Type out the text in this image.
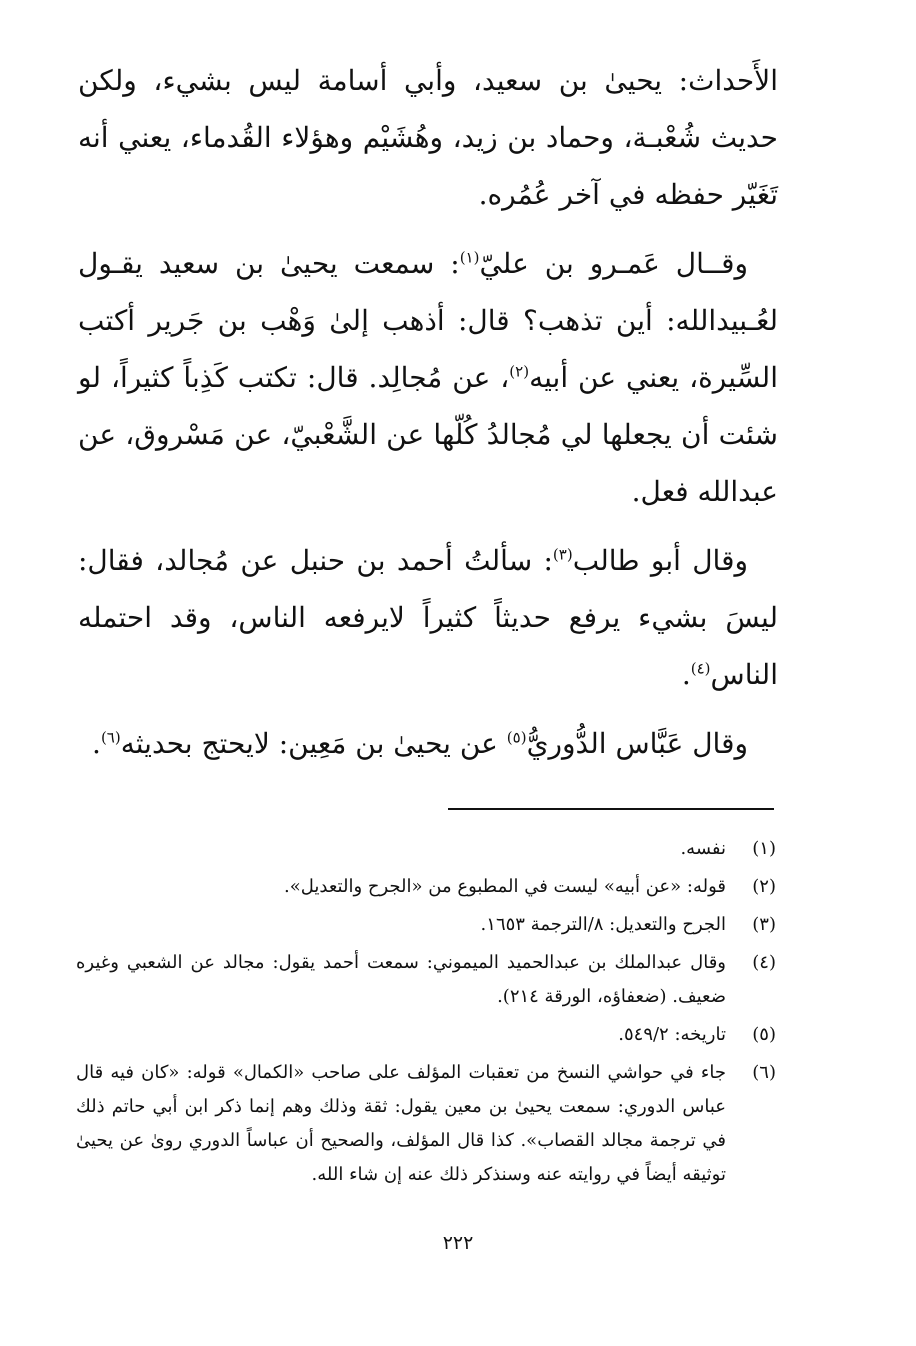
الأَحداث: يحيىٰ بن سعيد، وأبي أسامة ليس بشيء، ولكن حديث شُعْبـة، وحماد بن زيد، وهُشَيْم وهؤلاء القُدماء، يعني أنه تَغَيّر حفظه في آخر عُمُره.

وقــال عَمـرو بن عليّ$^{(١)}$: سمعت يحيىٰ بن سعيد يقـول لعُـبيدالله: أين تذهب؟ قال: أذهب إلىٰ وَهْب بن جَرير أكتب السِّيرة، يعني عن أبيه$^{(٢)}$، عن مُجالِد. قال: تكتب كَذِباً كثيراً، لو شئت أن يجعلها لي مُجالدُ كُلّها عن الشَّعْبيّ، عن مَسْروق، عن عبدالله فعل.

وقال أبو طالب$^{(٣)}$: سألتُ أحمد بن حنبل عن مُجالد، فقال: ليسَ بشيء يرفع حديثاً كثيراً لايرفعه الناس، وقد احتمله الناس$^{(٤)}$.

وقال عَبَّاس الدُّوريُّ$^{(٥)}$ عن يحيىٰ بن مَعِين: لايحتج بحديثه$^{(٦)}$.

(١)
نفسه.
(٢)
قوله: «عن أبيه» ليست في المطبوع من «الجرح والتعديل».
(٣)
الجرح والتعديل: ٨/الترجمة ١٦٥٣.
(٤)
وقال عبدالملك بن عبدالحميد الميموني: سمعت أحمد يقول: مجالد عن الشعبي وغيره ضعيف. (ضعفاؤه، الورقة ٢١٤).
(٥)
تاريخه: ٥٤٩/٢.
(٦)
جاء في حواشي النسخ من تعقبات المؤلف على صاحب «الكمال» قوله: «كان فيه قال عباس الدوري: سمعت يحيىٰ بن معين يقول: ثقة وذلك وهم إنما ذكر ابن أبي حاتم ذلك في ترجمة مجالد القصاب». كذا قال المؤلف، والصحيح أن عباساً الدوري روىٰ عن يحيىٰ توثيقه أيضاً في روايته عنه وسنذكر ذلك عنه إن شاء الله.
٢٢٢
